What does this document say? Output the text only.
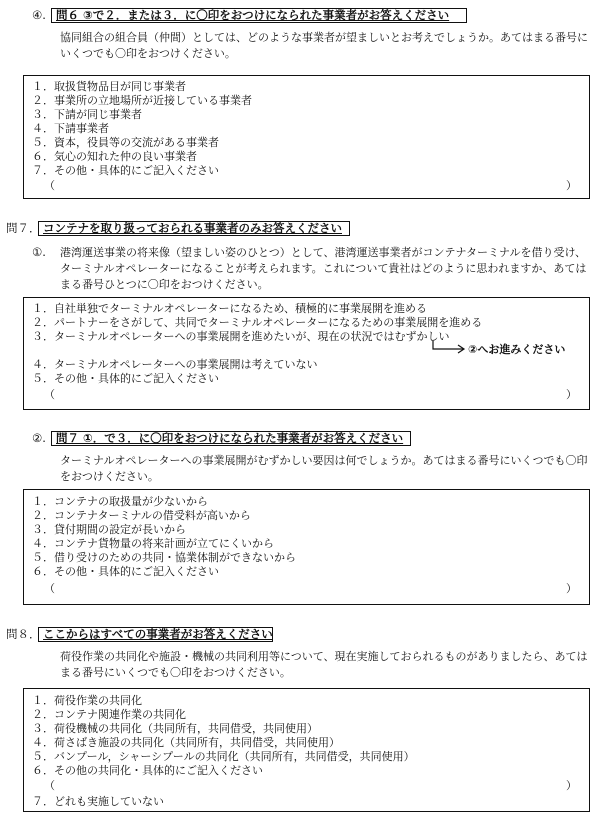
④. 問６ ③で２．または３．に〇印をおつけになられた事業者がお答えください
協同組合の組合員（仲間）としては、どのような事業者が望ましいとお考えでしょうか。あてはまる番号にいくつでも〇印をおつけください。
１．取扱貨物品目が同じ事業者
２．事業所の立地場所が近接している事業者
３．下請が同じ事業者
４．下請事業者
５．資本，役員等の交流がある事業者
６．気心の知れた仲の良い事業者
７．その他・具体的にご記入ください
（	）
問７． コンテナを取り扱っておられる事業者のみお答えください
①. 港湾運送事業の将来像（望ましい姿のひとつ）として、港湾運送事業者がコンテナターミナルを借り受け、ターミナルオペレーターになることが考えられます。これについて貴社はどのように思われますか、あてはまる番号ひとつに〇印をおつけください。
１．自社単独でターミナルオペレーターになるため、積極的に事業展開を進める
２．パートナーをさがして、共同でターミナルオペレーターになるための事業展開を進める
３．ターミナルオペレーターへの事業展開を進めたいが、現在の状況ではむずかしい
②へお進みください
４．ターミナルオペレーターへの事業展開は考えていない
５．その他・具体的にご記入ください
（	）
②. 問７ ①．で３．に〇印をおつけになられた事業者がお答えください
ターミナルオペレーターへの事業展開がむずかしい要因は何でしょうか。あてはまる番号にいくつでも〇印をおつけください。
１．コンテナの取扱量が少ないから
２．コンテナターミナルの借受料が高いから
３．貸付期間の設定が長いから
４．コンテナ貨物量の将来計画が立てにくいから
５．借り受けのための共同・協業体制ができないから
６．その他・具体的にご記入ください
（	）
問８． ここからはすべての事業者がお答えください
荷役作業の共同化や施設・機械の共同利用等について、現在実施しておられるものがありましたら、あてはまる番号にいくつでも〇印をおつけください。
１．荷役作業の共同化
２．コンテナ関連作業の共同化
３．荷役機械の共同化（共同所有，共同借受，共同使用）
４．荷さばき施設の共同化（共同所有，共同借受，共同使用）
５．バンプール，シャーシプールの共同化（共同所有，共同借受，共同使用）
６．その他の共同化・具体的にご記入ください
（	）
７．どれも実施していない
